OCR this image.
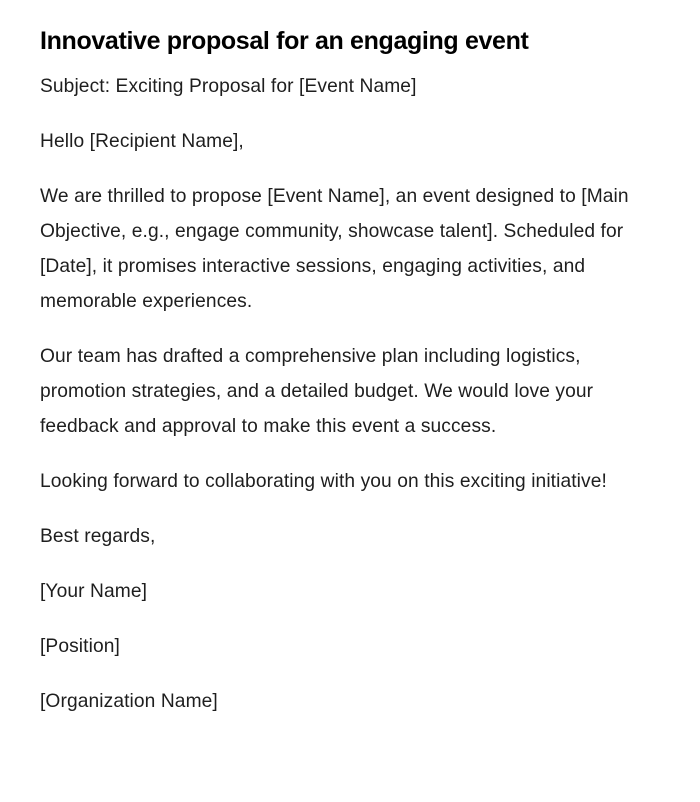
Innovative proposal for an engaging event

Subject: Exciting Proposal for [Event Name]

Hello [Recipient Name],

We are thrilled to propose [Event Name], an event designed to [Main Objective, e.g., engage community, showcase talent]. Scheduled for [Date], it promises interactive sessions, engaging activities, and memorable experiences.

Our team has drafted a comprehensive plan including logistics, promotion strategies, and a detailed budget. We would love your feedback and approval to make this event a success.

Looking forward to collaborating with you on this exciting initiative!

Best regards,

[Your Name]

[Position]

[Organization Name]
